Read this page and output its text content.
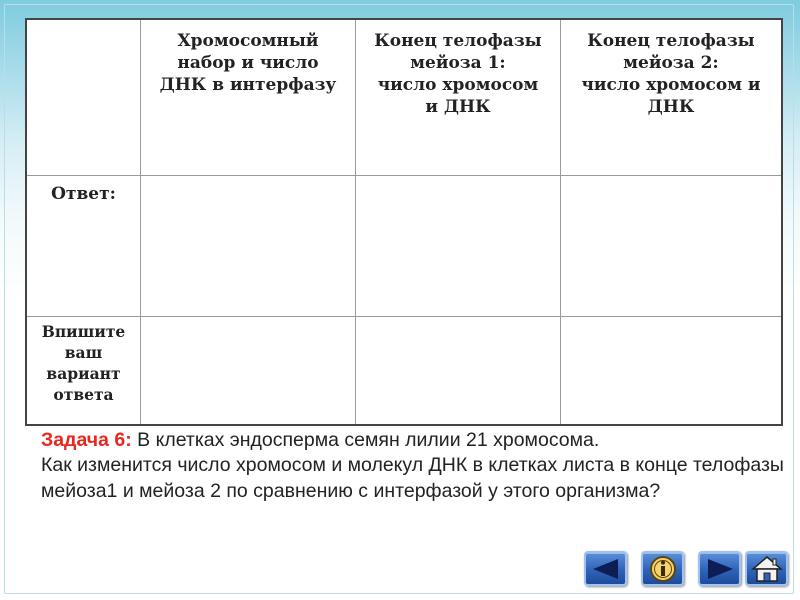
Хромосомный
набор и число
ДНК в интерфазу
Конец телофазы
мейоза 1:
число хромосом
и ДНК
Конец телофазы
мейоза 2:
число хромосом и
ДНК
Ответ:
Впишите
ваш
вариант
ответа
Задача 6: В клетках эндосперма семян лилии 21 хромосома.
Как изменится число хромосом и молекул ДНК в клетках листа в конце телофазы мейоза1 и мейоза 2 по сравнению с интерфазой у этого организма?
